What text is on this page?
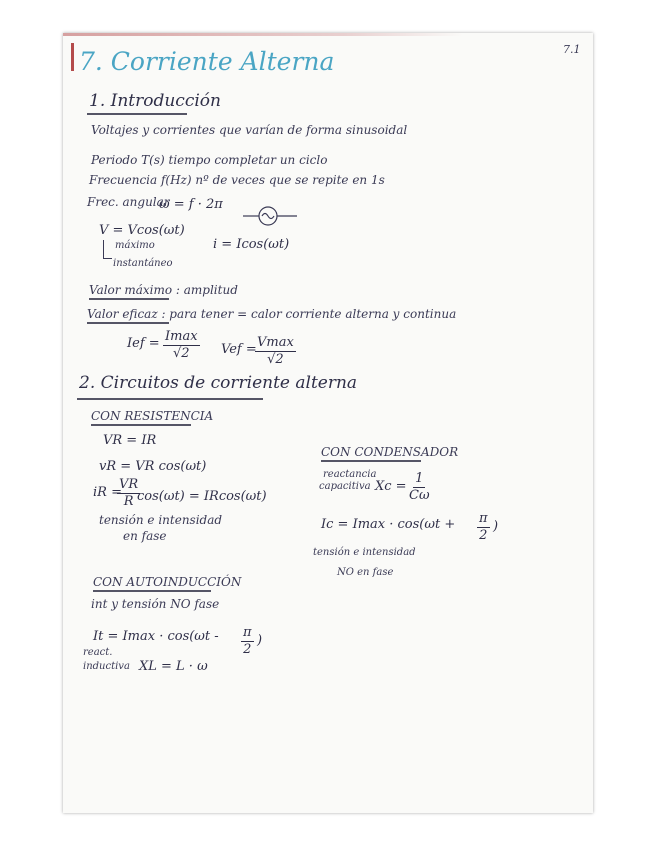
7.1
7. Corriente Alterna
1. Introducción
Voltajes y corrientes que varían de forma sinusoidal
Periodo T(s) tiempo completar un ciclo
Frecuencia f(Hz) nº de veces que se repite en 1s
Frec. angular
ω = f · 2π
V = Vcos(ωt)
máximo
instantáneo
i = Icos(ωt)
Valor máximo : amplitud
Valor eficaz : para tener = calor corriente alterna y continua
Ief = Imax
√2 Vef = Vmax
√2
2. Circuitos de corriente alterna
CON RESISTENCIA
VR = IR
vR = VR cos(ωt)
iR =
$\frac{VR}{R}$
cos(ωt) = IRcos(ωt)
tensión e intensidad
en fase
CON CONDENSADOR
reactancia
capacitiva $Xc = \frac{1}{C\omega}$
$Ic = Imax \cdot \cos(\omega t + \frac{\pi}{2}$ )
tensión e intensidad
NO en fase
CON AUTOINDUCCIÓN
int y tensión NO fase
$It = Imax \cdot \cos(\omega t - \frac{\pi}{2}$ )
react.
inductiva XL = L · ω
